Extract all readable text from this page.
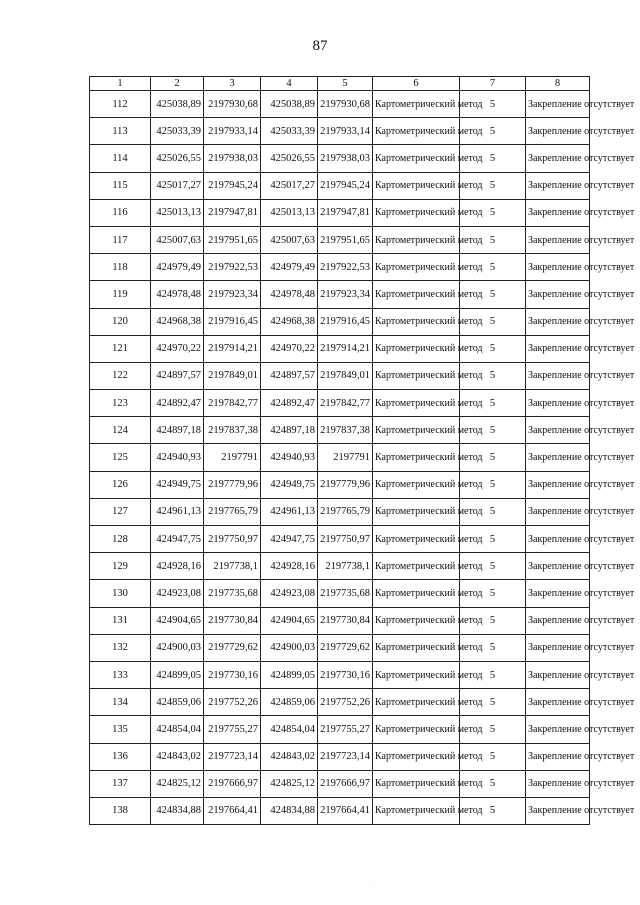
87
1	2	3	4	5	6	7	8
112	425038,89	2197930,68	425038,89	2197930,68	Картометрический метод	5	Закрепление отсутствует
113	425033,39	2197933,14	425033,39	2197933,14	Картометрический метод	5	Закрепление отсутствует
114	425026,55	2197938,03	425026,55	2197938,03	Картометрический метод	5	Закрепление отсутствует
115	425017,27	2197945,24	425017,27	2197945,24	Картометрический метод	5	Закрепление отсутствует
116	425013,13	2197947,81	425013,13	2197947,81	Картометрический метод	5	Закрепление отсутствует
117	425007,63	2197951,65	425007,63	2197951,65	Картометрический метод	5	Закрепление отсутствует
118	424979,49	2197922,53	424979,49	2197922,53	Картометрический метод	5	Закрепление отсутствует
119	424978,48	2197923,34	424978,48	2197923,34	Картометрический метод	5	Закрепление отсутствует
120	424968,38	2197916,45	424968,38	2197916,45	Картометрический метод	5	Закрепление отсутствует
121	424970,22	2197914,21	424970,22	2197914,21	Картометрический метод	5	Закрепление отсутствует
122	424897,57	2197849,01	424897,57	2197849,01	Картометрический метод	5	Закрепление отсутствует
123	424892,47	2197842,77	424892,47	2197842,77	Картометрический метод	5	Закрепление отсутствует
124	424897,18	2197837,38	424897,18	2197837,38	Картометрический метод	5	Закрепление отсутствует
125	424940,93	2197791	424940,93	2197791	Картометрический метод	5	Закрепление отсутствует
126	424949,75	2197779,96	424949,75	2197779,96	Картометрический метод	5	Закрепление отсутствует
127	424961,13	2197765,79	424961,13	2197765,79	Картометрический метод	5	Закрепление отсутствует
128	424947,75	2197750,97	424947,75	2197750,97	Картометрический метод	5	Закрепление отсутствует
129	424928,16	2197738,1	424928,16	2197738,1	Картометрический метод	5	Закрепление отсутствует
130	424923,08	2197735,68	424923,08	2197735,68	Картометрический метод	5	Закрепление отсутствует
131	424904,65	2197730,84	424904,65	2197730,84	Картометрический метод	5	Закрепление отсутствует
132	424900,03	2197729,62	424900,03	2197729,62	Картометрический метод	5	Закрепление отсутствует
133	424899,05	2197730,16	424899,05	2197730,16	Картометрический метод	5	Закрепление отсутствует
134	424859,06	2197752,26	424859,06	2197752,26	Картометрический метод	5	Закрепление отсутствует
135	424854,04	2197755,27	424854,04	2197755,27	Картометрический метод	5	Закрепление отсутствует
136	424843,02	2197723,14	424843,02	2197723,14	Картометрический метод	5	Закрепление отсутствует
137	424825,12	2197666,97	424825,12	2197666,97	Картометрический метод	5	Закрепление отсутствует
138	424834,88	2197664,41	424834,88	2197664,41	Картометрический метод	5	Закрепление отсутствует
·
